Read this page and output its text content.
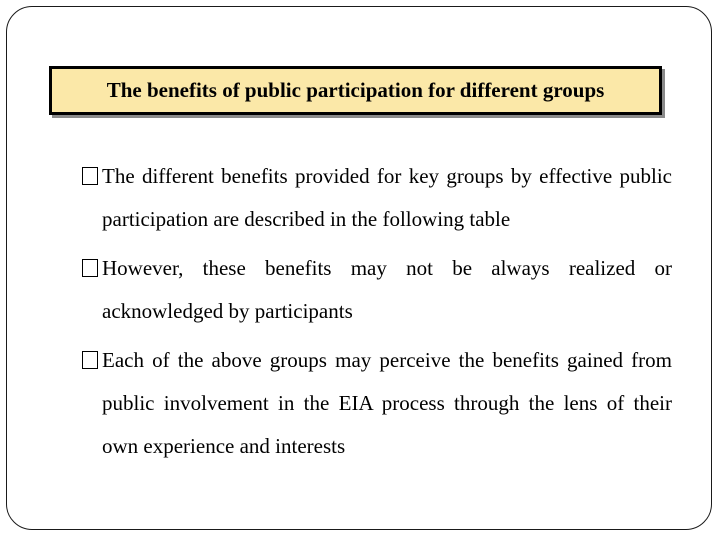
The benefits of public participation for different groups
The different benefits provided for key groups by effective public participation are described in the following table
However, these benefits may not be always realized or acknowledged by participants
Each of the above groups may perceive the benefits gained from public involvement in the EIA process through the lens of their own experience and interests
